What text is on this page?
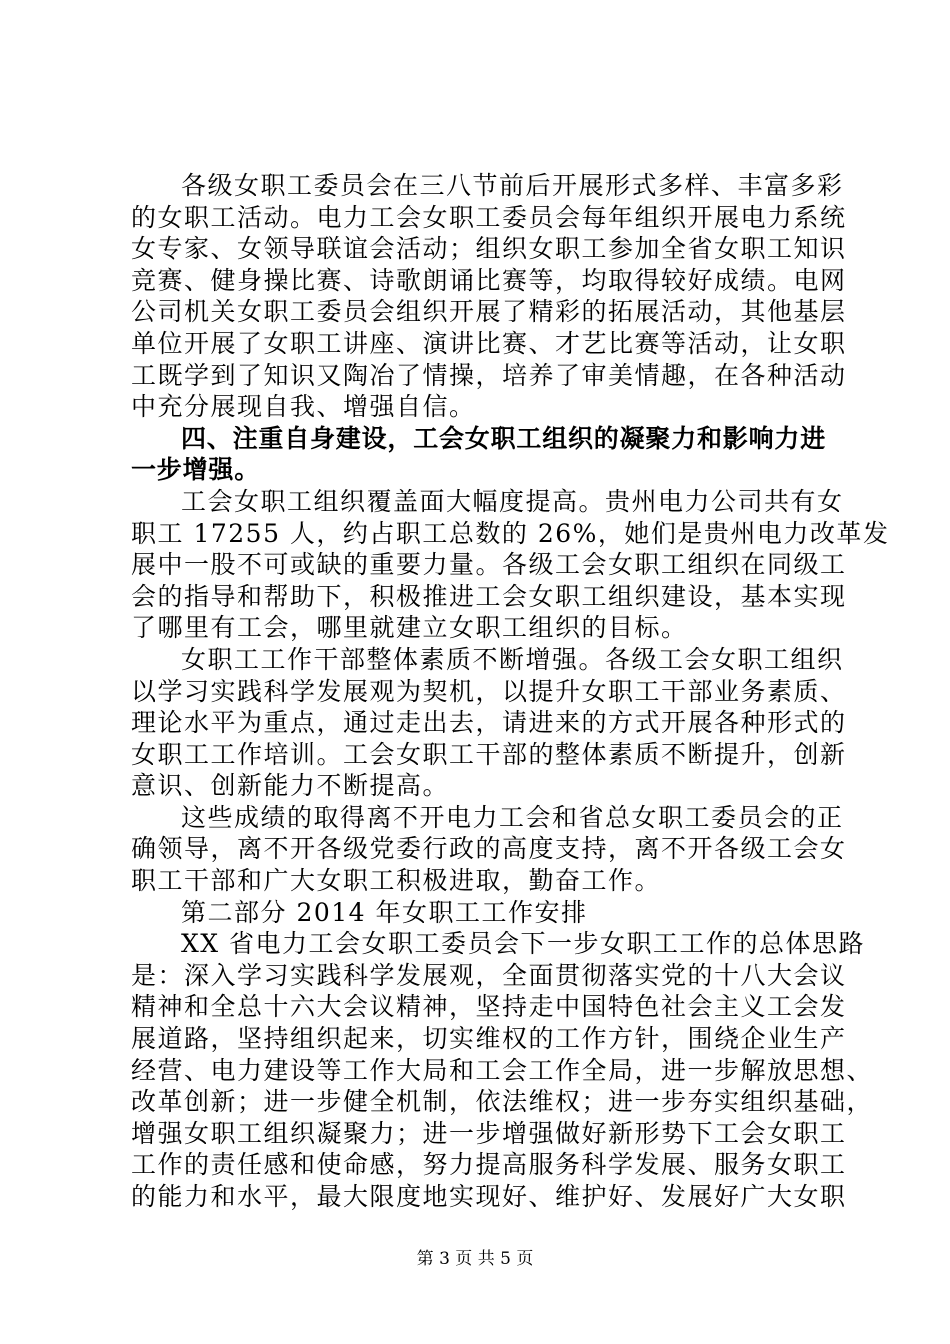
各级女职工委员会在三八节前后开展形式多样、丰富多彩
的女职工活动。电力工会女职工委员会每年组织开展电力系统
女专家、女领导联谊会活动；组织女职工参加全省女职工知识
竞赛、健身操比赛、诗歌朗诵比赛等，均取得较好成绩。电网
公司机关女职工委员会组织开展了精彩的拓展活动，其他基层
单位开展了女职工讲座、演讲比赛、才艺比赛等活动，让女职
工既学到了知识又陶冶了情操，培养了审美情趣，在各种活动
中充分展现自我、增强自信。
四、注重自身建设，工会女职工组织的凝聚力和影响力进
一步增强。
工会女职工组织覆盖面大幅度提高。贵州电力公司共有女
职工 17255 人，约占职工总数的 26%，她们是贵州电力改革发
展中一股不可或缺的重要力量。各级工会女职工组织在同级工
会的指导和帮助下，积极推进工会女职工组织建设，基本实现
了哪里有工会，哪里就建立女职工组织的目标。
女职工工作干部整体素质不断增强。各级工会女职工组织
以学习实践科学发展观为契机，以提升女职工干部业务素质、
理论水平为重点，通过走出去，请进来的方式开展各种形式的
女职工工作培训。工会女职工干部的整体素质不断提升，创新
意识、创新能力不断提高。
这些成绩的取得离不开电力工会和省总女职工委员会的正
确领导，离不开各级党委行政的高度支持，离不开各级工会女
职工干部和广大女职工积极进取，勤奋工作。
第二部分 2014 年女职工工作安排
XX 省电力工会女职工委员会下一步女职工工作的总体思路
是：深入学习实践科学发展观，全面贯彻落实党的十八大会议
精神和全总十六大会议精神，坚持走中国特色社会主义工会发
展道路，坚持组织起来，切实维权的工作方针，围绕企业生产
经营、电力建设等工作大局和工会工作全局，进一步解放思想、
改革创新；进一步健全机制，依法维权；进一步夯实组织基础，
增强女职工组织凝聚力；进一步增强做好新形势下工会女职工
工作的责任感和使命感，努力提高服务科学发展、服务女职工
的能力和水平，最大限度地实现好、维护好、发展好广大女职
第 3 页 共 5 页
